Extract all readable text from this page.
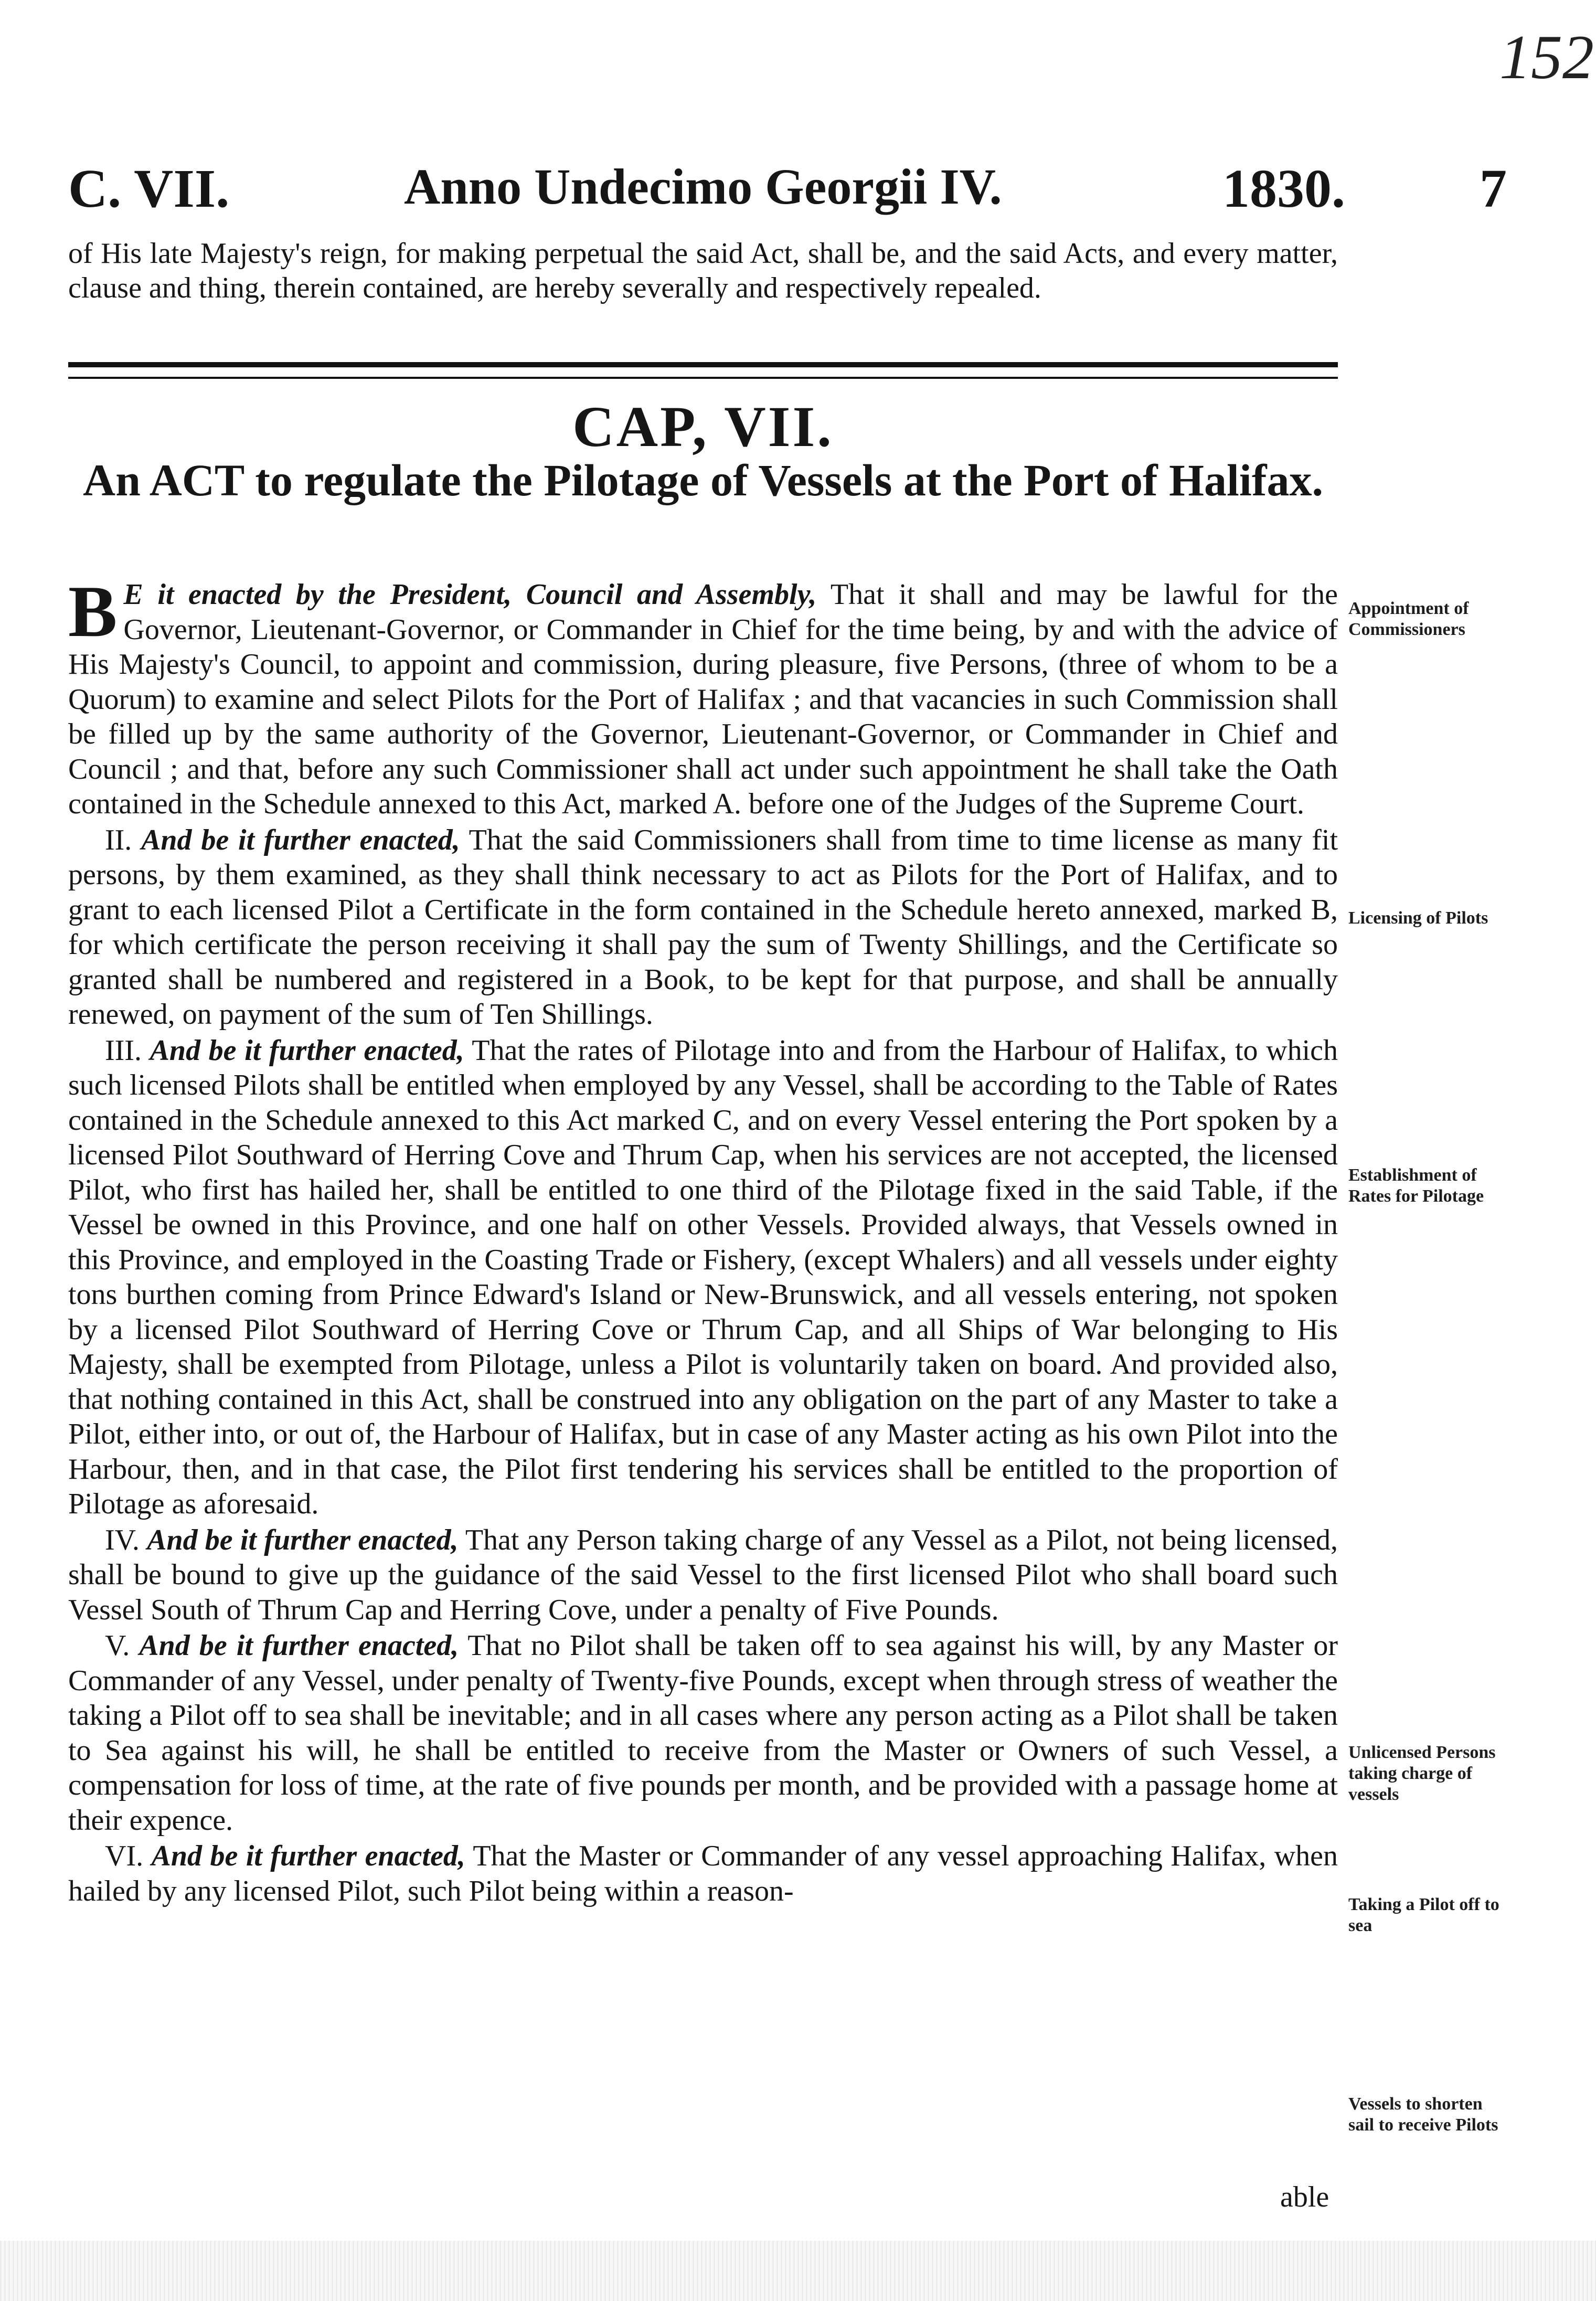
152
C. VII.	Anno Undecimo Georgii IV.	1830. 7
of His late Majesty's reign, for making perpetual the said Act, shall be, and the said Acts, and every matter, clause and thing, therein contained, are hereby severally and respectively repealed.
CAP, VII.
An ACT to regulate the Pilotage of Vessels at the Port of Halifax.

B E it enacted by the President, Council and Assembly, That it shall and may be lawful for the Governor, Lieutenant-Governor, or Commander in Chief for the time being, by and with the advice of His Majesty's Council, to appoint and commission, during pleasure, five Persons, (three of whom to be a Quorum) to examine and select Pilots for the Port of Halifax ; and that vacancies in such Commission shall be filled up by the same authority of the Governor, Lieutenant-Governor, or Commander in Chief and Council ; and that, before any such Commissioner shall act under such appointment he shall take the Oath contained in the Schedule annexed to this Act, marked A. before one of the Judges of the Supreme Court.

II. And be it further enacted, That the said Commissioners shall from time to time license as many fit persons, by them examined, as they shall think necessary to act as Pilots for the Port of Halifax, and to grant to each licensed Pilot a Certificate in the form contained in the Schedule hereto annexed, marked B, for which certificate the person receiving it shall pay the sum of Twenty Shillings, and the Certificate so granted shall be numbered and registered in a Book, to be kept for that purpose, and shall be annually renewed, on payment of the sum of Ten Shillings.

III. And be it further enacted, That the rates of Pilotage into and from the Harbour of Halifax, to which such licensed Pilots shall be entitled when employed by any Vessel, shall be according to the Table of Rates contained in the Schedule annexed to this Act marked C, and on every Vessel entering the Port spoken by a licensed Pilot Southward of Herring Cove and Thrum Cap, when his services are not accepted, the licensed Pilot, who first has hailed her, shall be entitled to one third of the Pilotage fixed in the said Table, if the Vessel be owned in this Province, and one half on other Vessels. Provided always, that Vessels owned in this Province, and employed in the Coasting Trade or Fishery, (except Whalers) and all vessels under eighty tons burthen coming from Prince Edward's Island or New-Brunswick, and all vessels entering, not spoken by a licensed Pilot Southward of Herring Cove or Thrum Cap, and all Ships of War belonging to His Majesty, shall be exempted from Pilotage, unless a Pilot is voluntarily taken on board. And provided also, that nothing contained in this Act, shall be construed into any obligation on the part of any Master to take a Pilot, either into, or out of, the Harbour of Halifax, but in case of any Master acting as his own Pilot into the Harbour, then, and in that case, the Pilot first tendering his services shall be entitled to the proportion of Pilotage as aforesaid.

IV. And be it further enacted, That any Person taking charge of any Vessel as a Pilot, not being licensed, shall be bound to give up the guidance of the said Vessel to the first licensed Pilot who shall board such Vessel South of Thrum Cap and Herring Cove, under a penalty of Five Pounds.

V. And be it further enacted, That no Pilot shall be taken off to sea against his will, by any Master or Commander of any Vessel, under penalty of Twenty-five Pounds, except when through stress of weather the taking a Pilot off to sea shall be inevitable; and in all cases where any person acting as a Pilot shall be taken to Sea against his will, he shall be entitled to receive from the Master or Owners of such Vessel, a compensation for loss of time, at the rate of five pounds per month, and be provided with a passage home at their expence.

VI. And be it further enacted, That the Master or Commander of any vessel approaching Halifax, when hailed by any licensed Pilot, such Pilot being within a reason-

Appointment of Commissioners
Licensing of Pilots
Establishment of Rates for Pilotage
Unlicensed Persons taking charge of vessels
Taking a Pilot off to sea
Vessels to shorten sail to receive Pilots
able
